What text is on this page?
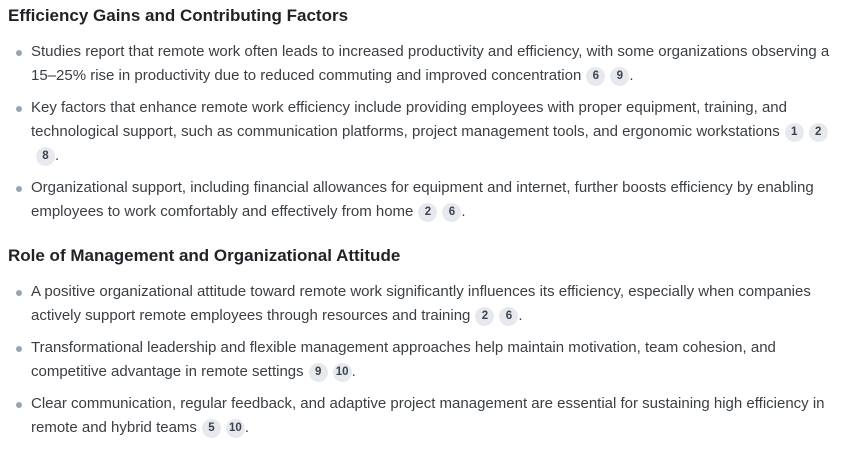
Efficiency Gains and Contributing Factors
Studies report that remote work often leads to increased productivity and efficiency, with some organizations observing a 15–25% rise in productivity due to reduced commuting and improved concentration 6 9 .
Key factors that enhance remote work efficiency include providing employees with proper equipment, training, and technological support, such as communication platforms, project management tools, and ergonomic workstations 1 28 .
Organizational support, including financial allowances for equipment and internet, further boosts efficiency by enabling employees to work comfortably and effectively from home 2 6 .
Role of Management and Organizational Attitude
A positive organizational attitude toward remote work significantly influences its efficiency, especially when companies actively support remote employees through resources and training 2 6 .
Transformational leadership and flexible management approaches help maintain motivation, team cohesion, and competitive advantage in remote settings 9 10 .
Clear communication, regular feedback, and adaptive project management are essential for sustaining high efficiency in remote and hybrid teams 5 10 .
